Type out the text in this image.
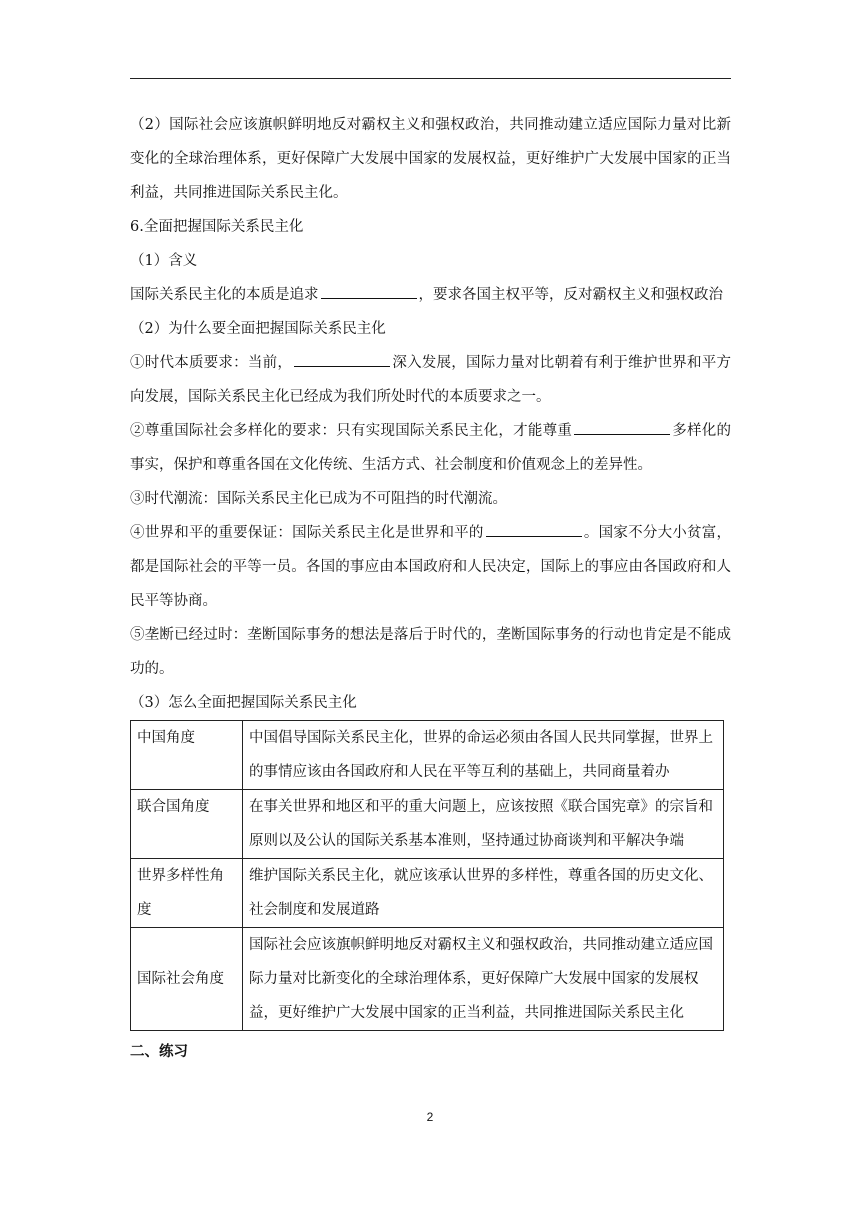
（2）国际社会应该旗帜鲜明地反对霸权主义和强权政治，共同推动建立适应国际力量对比新变化的全球治理体系，更好保障广大发展中国家的发展权益，更好维护广大发展中国家的正当利益，共同推进国际关系民主化。

6.全面把握国际关系民主化

（1）含义

国际关系民主化的本质是追求	，要求各国主权平等，反对霸权主义和强权政治

（2）为什么要全面把握国际关系民主化

①时代本质要求：当前，	深入发展，国际力量对比朝着有利于维护世界和平方向发展，国际关系民主化已经成为我们所处时代的本质要求之一。

②尊重国际社会多样化的要求：只有实现国际关系民主化，才能尊重	多样化的事实，保护和尊重各国在文化传统、生活方式、社会制度和价值观念上的差异性。

③时代潮流：国际关系民主化已成为不可阻挡的时代潮流。

④世界和平的重要保证：国际关系民主化是世界和平的	。国家不分大小贫富，都是国际社会的平等一员。各国的事应由本国政府和人民决定，国际上的事应由各国政府和人民平等协商。

⑤垄断已经过时：垄断国际事务的想法是落后于时代的，垄断国际事务的行动也肯定是不能成功的。

（3）怎么全面把握国际关系民主化

中国角度	中国倡导国际关系民主化，世界的命运必须由各国人民共同掌握，世界上的事情应该由各国政府和人民在平等互利的基础上，共同商量着办
联合国角度	在事关世界和地区和平的重大问题上，应该按照《联合国宪章》的宗旨和原则以及公认的国际关系基本准则，坚持通过协商谈判和平解决争端
世界多样性角度	维护国际关系民主化，就应该承认世界的多样性，尊重各国的历史文化、社会制度和发展道路
国际社会角度	国际社会应该旗帜鲜明地反对霸权主义和强权政治，共同推动建立适应国际力量对比新变化的全球治理体系，更好保障广大发展中国家的发展权益，更好维护广大发展中国家的正当利益，共同推进国际关系民主化

二、练习

2
